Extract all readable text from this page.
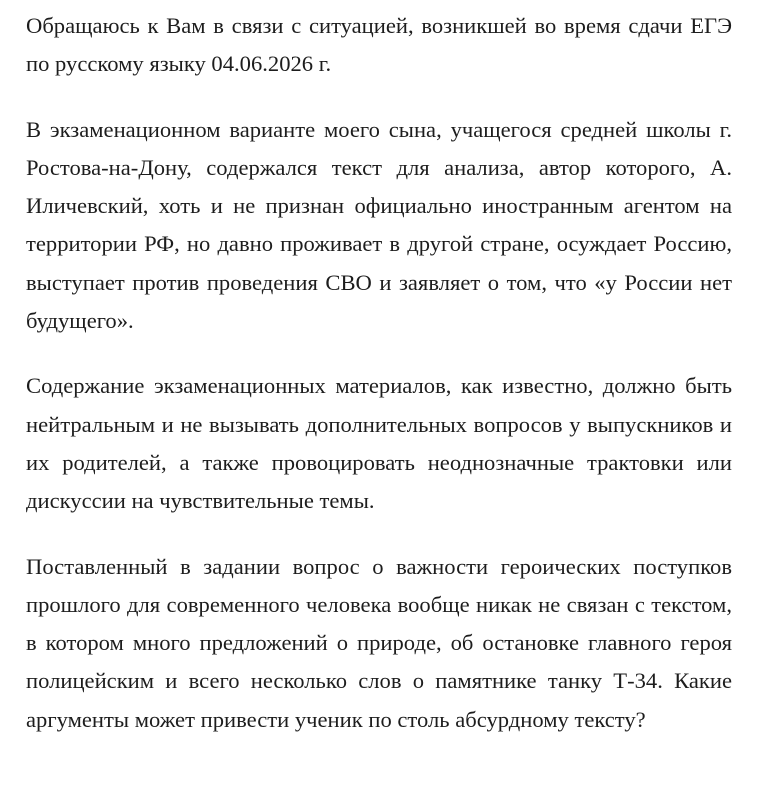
Обращаюсь к Вам в связи с ситуацией, возникшей во время сдачи ЕГЭ по русскому языку 04.06.2026 г.

В экзаменационном варианте моего сына, учащегося средней школы г. Ростова-на-Дону, содержался текст для анализа, автор которого, А. Иличевский, хоть и не признан официально иностранным агентом на территории РФ, но давно проживает в другой стране, осуждает Россию, выступает против проведения СВО и заявляет о том, что «у России нет будущего».

Содержание экзаменационных материалов, как известно, должно быть нейтральным и не вызывать дополнительных вопросов у выпускников и их родителей, а также провоцировать неоднозначные трактовки или дискуссии на чувствительные темы.

Поставленный в задании вопрос о важности героических поступков прошлого для современного человека вообще никак не связан с текстом, в котором много предложений о природе, об остановке главного героя полицейским и всего несколько слов о памятнике танку Т-34. Какие аргументы может привести ученик по столь абсурдному тексту?
